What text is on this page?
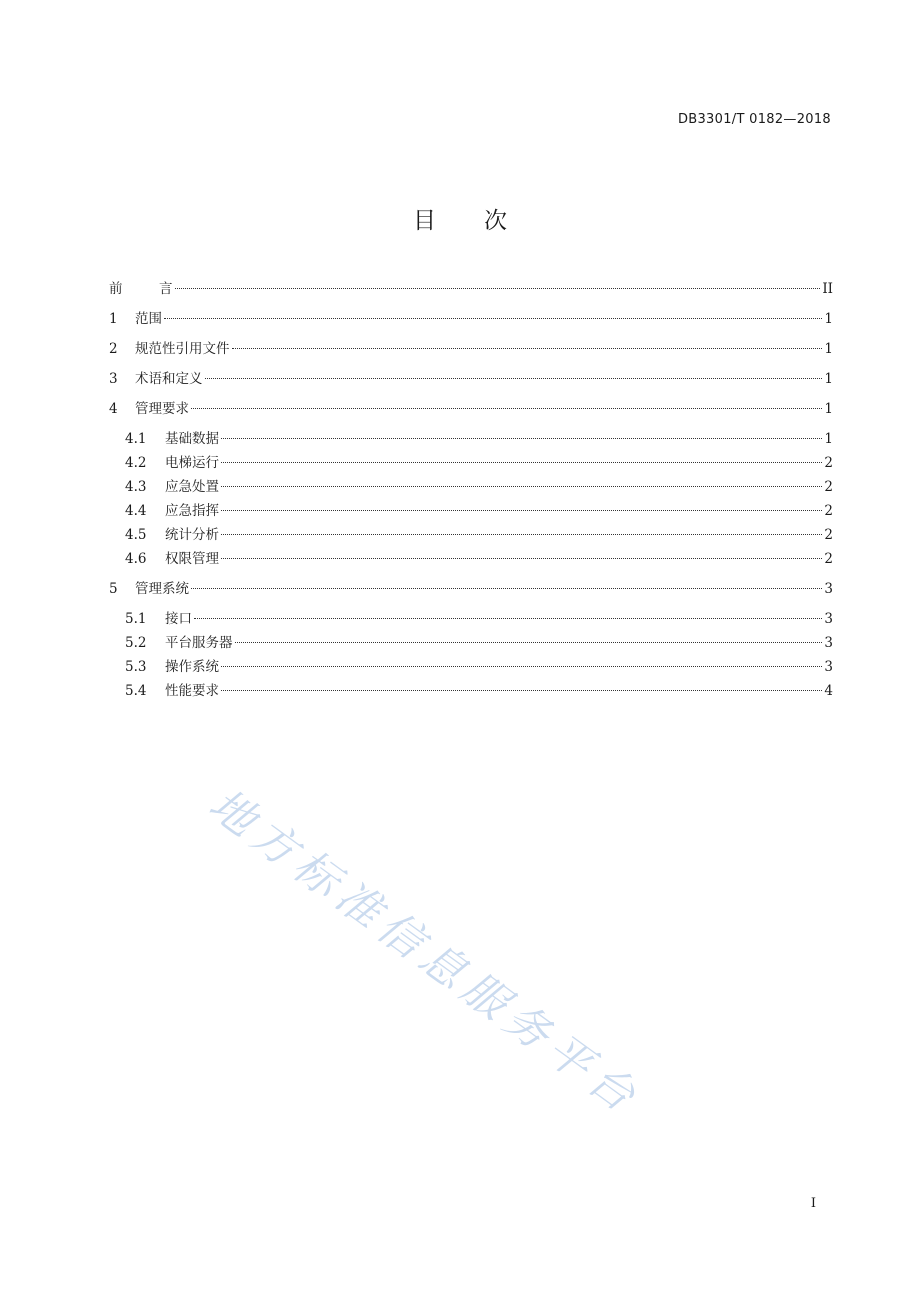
DB3301/T 0182—2018
目 次
前	言	II
1	范围	1
2	规范性引用文件	1
3	术语和定义	1
4	管理要求	1
4.1	基础数据	1
4.2	电梯运行	2
4.3	应急处置	2
4.4	应急指挥	2
4.5	统计分析	2
4.6	权限管理	2
5	管理系统	3
5.1	接口	3
5.2	平台服务器	3
5.3	操作系统	3
5.4	性能要求	4
地方标准信息服务平台
I
